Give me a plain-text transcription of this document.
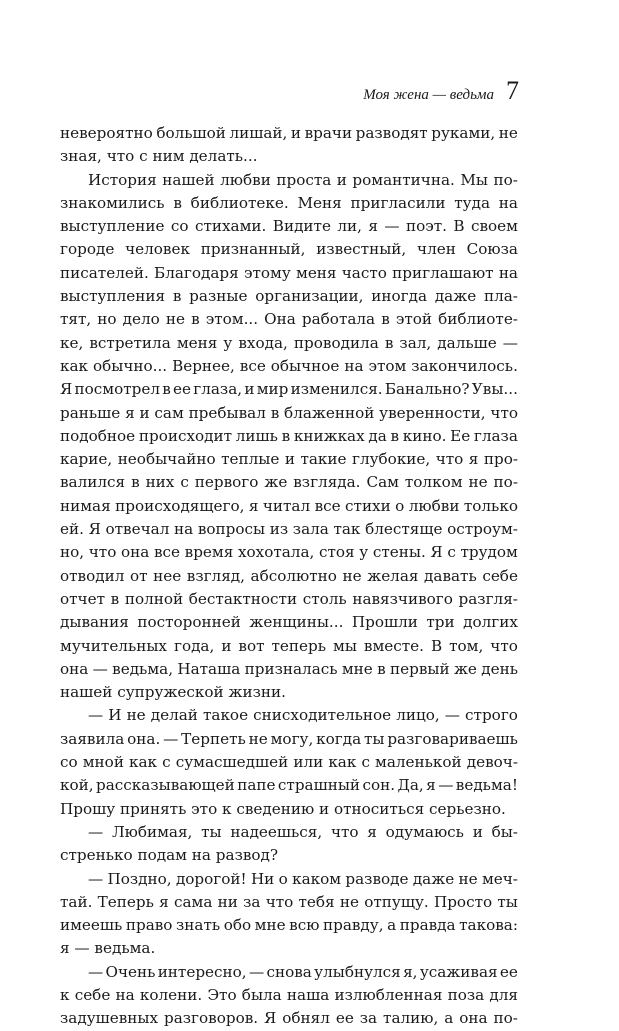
Моя жена — ведьма 7
невероятно большой лишай, и врачи разводят руками, не
зная, что с ним делать...
История нашей любви проста и романтична. Мы по-
знакомились в библиотеке. Меня пригласили туда на
выступление со стихами. Видите ли, я — поэт. В своем
городе человек признанный, известный, член Союза
писателей. Благодаря этому меня часто приглашают на
выступления в разные организации, иногда даже пла-
тят, но дело не в этом... Она работала в этой библиоте-
ке, встретила меня у входа, проводила в зал, дальше —
как обычно... Вернее, все обычное на этом закончилось.
Я посмотрел в ее глаза, и мир изменился. Банально? Увы...
раньше я и сам пребывал в блаженной уверенности, что
подобное происходит лишь в книжках да в кино. Ее глаза
карие, необычайно теплые и такие глубокие, что я про-
валился в них с первого же взгляда. Сам толком не по-
нимая происходящего, я читал все стихи о любви только
ей. Я отвечал на вопросы из зала так блестяще остроум-
но, что она все время хохотала, стоя у стены. Я с трудом
отводил от нее взгляд, абсолютно не желая давать себе
отчет в полной бестактности столь навязчивого разгля-
дывания посторонней женщины... Прошли три долгих
мучительных года, и вот теперь мы вместе. В том, что
она — ведьма, Наташа призналась мне в первый же день
нашей супружеской жизни.
— И не делай такое снисходительное лицо, — строго
заявила она. — Терпеть не могу, когда ты разговариваешь
со мной как с сумасшедшей или как с маленькой девоч-
кой, рассказывающей папе страшный сон. Да, я — ведьма!
Прошу принять это к сведению и относиться серьезно.
— Любимая, ты надеешься, что я одумаюсь и бы-
стренько подам на развод?
— Поздно, дорогой! Ни о каком разводе даже не меч-
тай. Теперь я сама ни за что тебя не отпущу. Просто ты
имеешь право знать обо мне всю правду, а правда такова:
я — ведьма.
— Очень интересно, — снова улыбнулся я, усаживая ее
к себе на колени. Это была наша излюбленная поза для
задушевных разговоров. Я обнял ее за талию, а она по-
